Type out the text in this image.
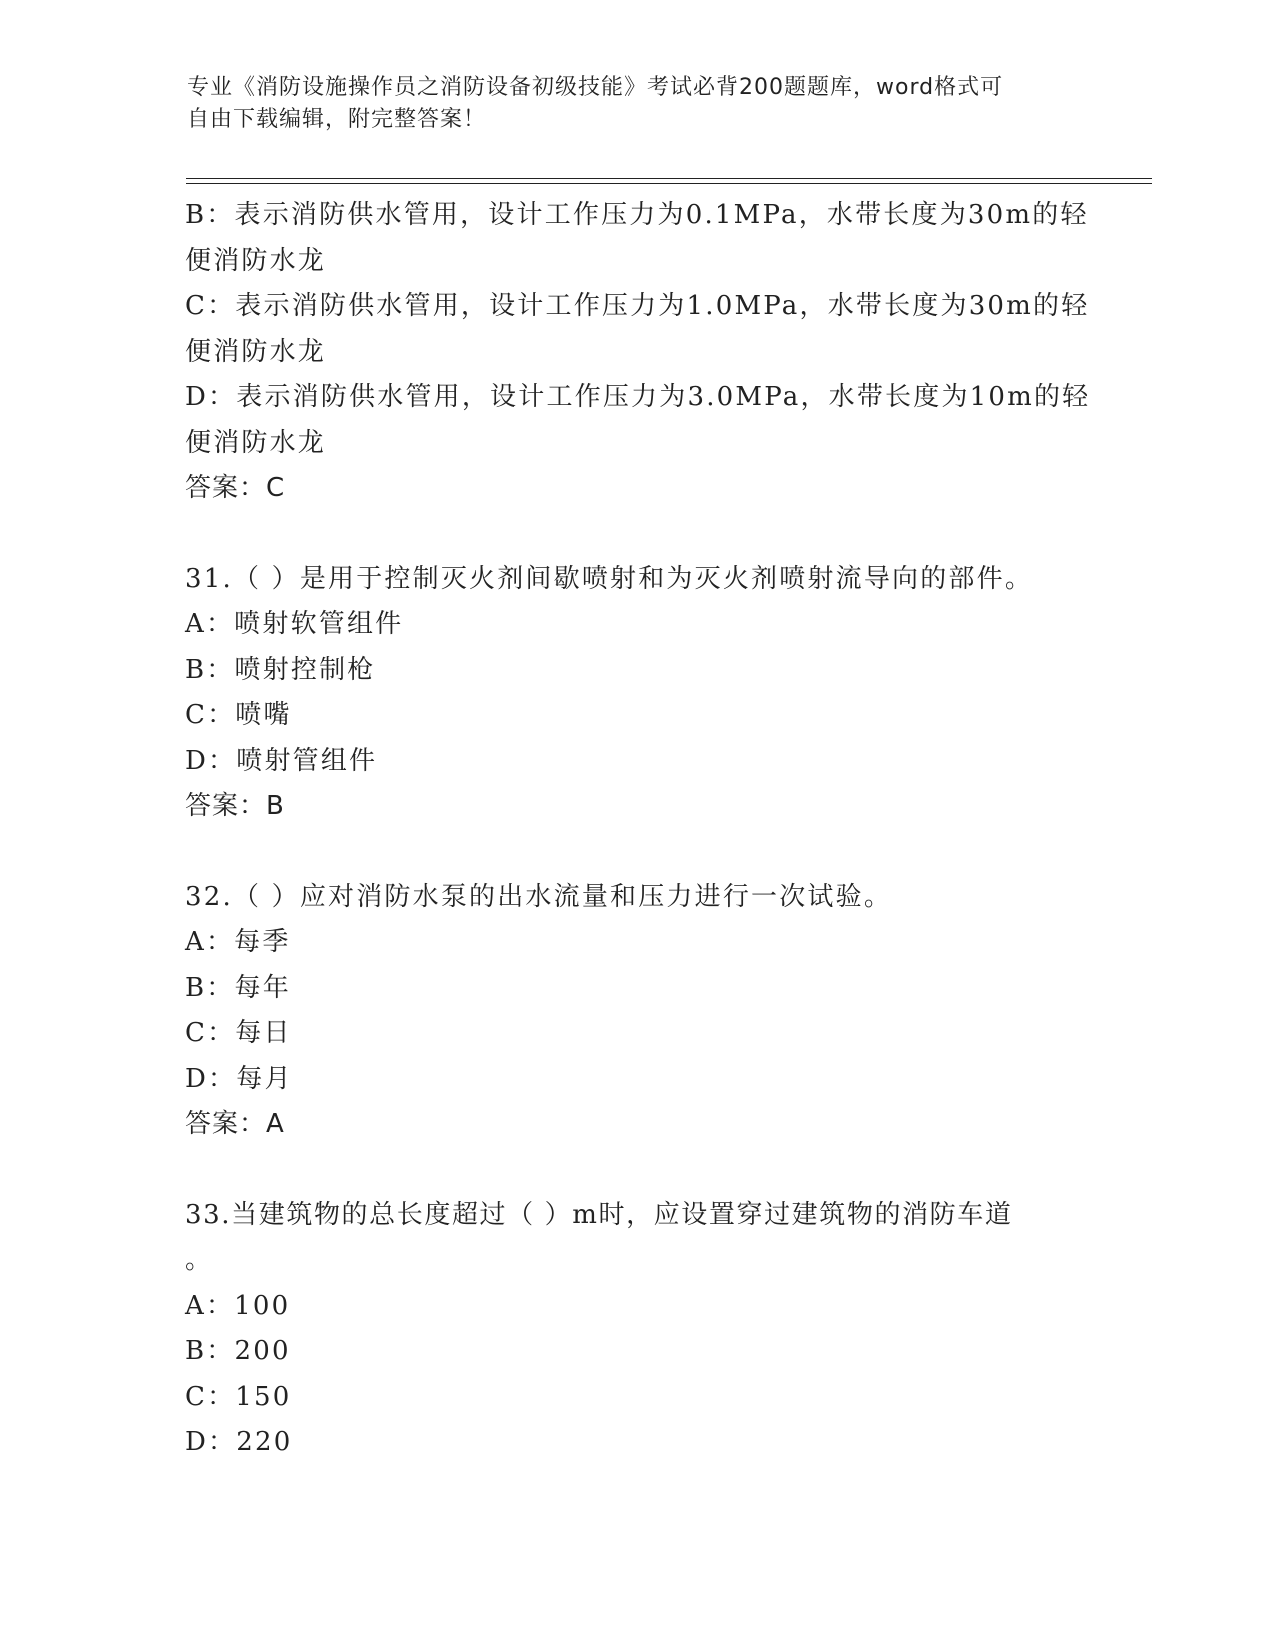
专业《消防设施操作员之消防设备初级技能》考试必背200题题库，word格式可
自由下载编辑，附完整答案！
B：表示消防供水管用，设计工作压力为0.1MPa，水带长度为30m的轻
便消防水龙
C：表示消防供水管用，设计工作压力为1.0MPa，水带长度为30m的轻
便消防水龙
D：表示消防供水管用，设计工作压力为3.0MPa，水带长度为10m的轻
便消防水龙
答案：C
31.（ ）是用于控制灭火剂间歇喷射和为灭火剂喷射流导向的部件。
A：喷射软管组件
B：喷射控制枪
C：喷嘴
D：喷射管组件
答案：B
32.（ ）应对消防水泵的出水流量和压力进行一次试验。
A：每季
B：每年
C：每日
D：每月
答案：A
33.当建筑物的总长度超过（ ）m时，应设置穿过建筑物的消防车道
。
A：100
B：200
C：150
D：220
